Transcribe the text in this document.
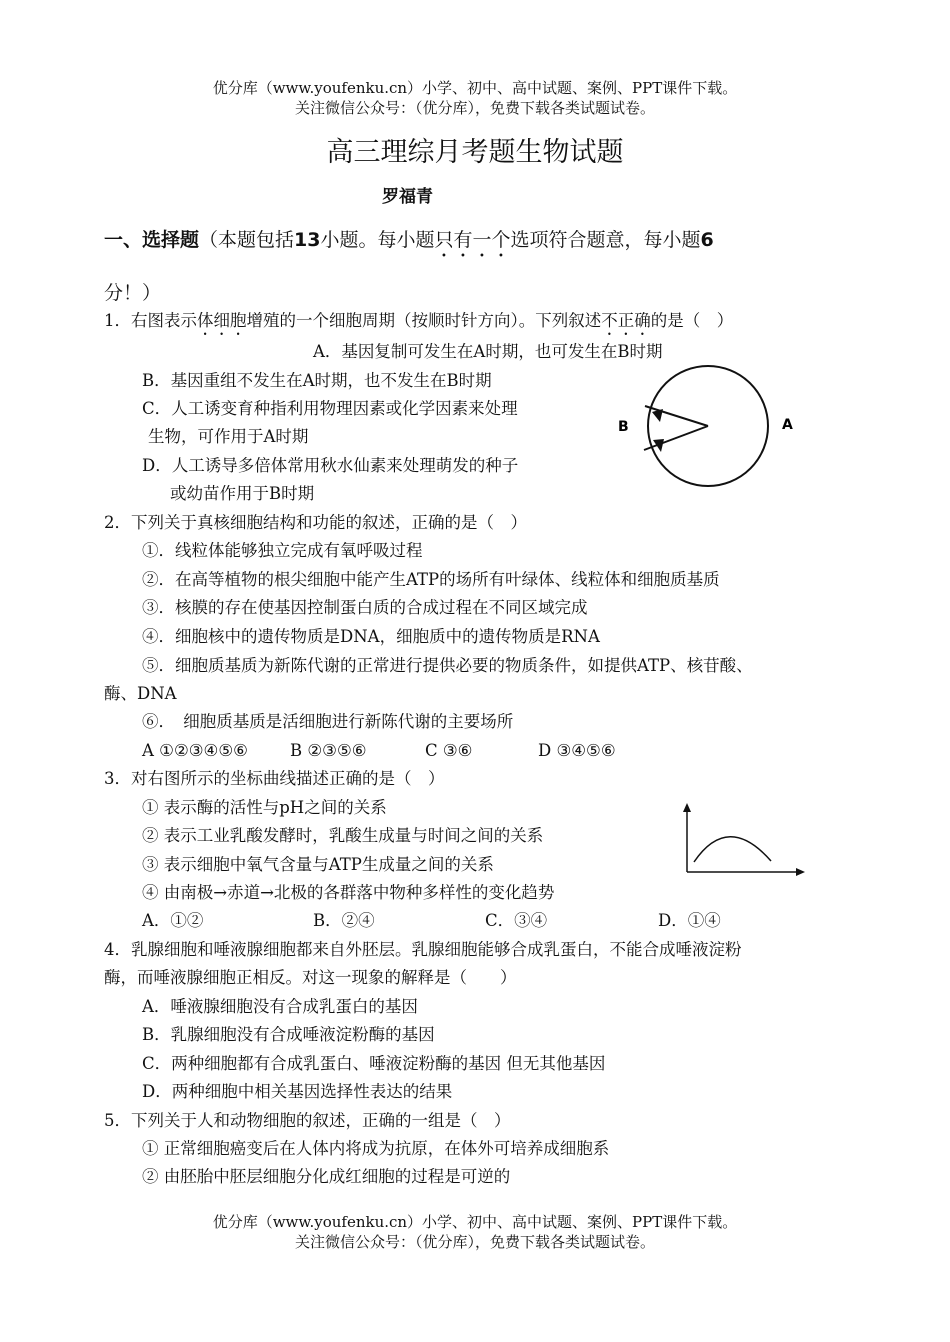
优分库（www.youfenku.cn）小学、初中、高中试题、案例、PPT课件下载。
关注微信公众号：（优分库），免费下载各类试题试卷。
高三理综月考题生物试题
罗福青
一、选择题（本题包括13小题。每小题只有一个选项符合题意，每小题6
分！）
1．右图表示体细胞增殖的一个细胞周期（按顺时针方向）。下列叙述不正确的是（　）
A．基因复制可发生在A时期，也可发生在B时期
B．基因重组不发生在A时期，也不发生在B时期
C．人工诱变育种指利用物理因素或化学因素来处理
生物，可作用于A时期
D．人工诱导多倍体常用秋水仙素来处理萌发的种子
或幼苗作用于B时期
B	A
2．下列关于真核细胞结构和功能的叙述，正确的是（　）
①．线粒体能够独立完成有氧呼吸过程
②．在高等植物的根尖细胞中能产生ATP的场所有叶绿体、线粒体和细胞质基质
③．核膜的存在使基因控制蛋白质的合成过程在不同区域完成
④．细胞核中的遗传物质是DNA，细胞质中的遗传物质是RNA
⑤．细胞质基质为新陈代谢的正常进行提供必要的物质条件，如提供ATP、核苷酸、
酶、DNA
⑥．　细胞质基质是活细胞进行新陈代谢的主要场所
A ①②③④⑤⑥	B ②③⑤⑥	C ③⑥	D ③④⑤⑥
3．对右图所示的坐标曲线描述正确的是（　）
① 表示酶的活性与pH之间的关系
② 表示工业乳酸发酵时，乳酸生成量与时间之间的关系
③ 表示细胞中氧气含量与ATP生成量之间的关系
④ 由南极→赤道→北极的各群落中物种多样性的变化趋势
A．①②	B．②④	C．③④	D．①④
4．乳腺细胞和唾液腺细胞都来自外胚层。乳腺细胞能够合成乳蛋白，不能合成唾液淀粉
酶，而唾液腺细胞正相反。对这一现象的解释是（　　）
A．唾液腺细胞没有合成乳蛋白的基因
B．乳腺细胞没有合成唾液淀粉酶的基因
C．两种细胞都有合成乳蛋白、唾液淀粉酶的基因 但无其他基因
D．两种细胞中相关基因选择性表达的结果
5．下列关于人和动物细胞的叙述，正确的一组是（　）
① 正常细胞癌变后在人体内将成为抗原，在体外可培养成细胞系
② 由胚胎中胚层细胞分化成红细胞的过程是可逆的
优分库（www.youfenku.cn）小学、初中、高中试题、案例、PPT课件下载。
关注微信公众号：（优分库），免费下载各类试题试卷。
